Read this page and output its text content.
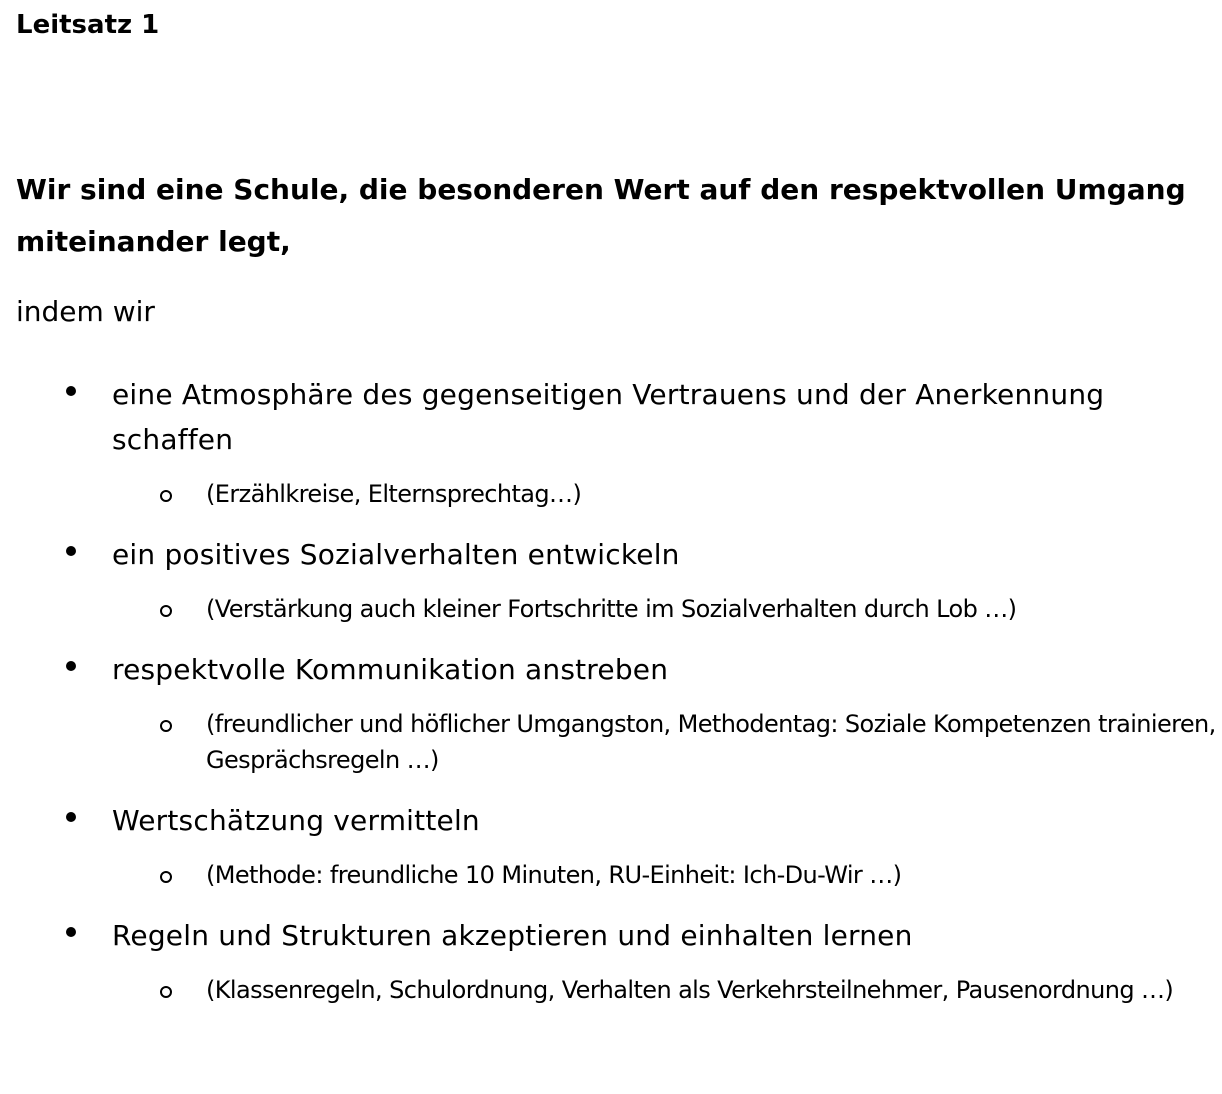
Leitsatz 1

Wir sind eine Schule, die besonderen Wert auf den respektvollen Umgang miteinander legt,

indem wir

eine Atmosphäre des gegenseitigen Vertrauens und der Anerkennung schaffen

(Erzählkreise, Elternsprechtag…)

ein positives Sozialverhalten entwickeln

(Verstärkung auch kleiner Fortschritte im Sozialverhalten durch Lob …)

respektvolle Kommunikation anstreben

(freundlicher und höflicher Umgangston, Methodentag: Soziale Kompetenzen trainieren, Gesprächsregeln …)

Wertschätzung vermitteln

(Methode: freundliche 10 Minuten, RU-Einheit: Ich-Du-Wir …)

Regeln und Strukturen akzeptieren und einhalten lernen

(Klassenregeln, Schulordnung, Verhalten als Verkehrsteilnehmer, Pausenordnung …)
